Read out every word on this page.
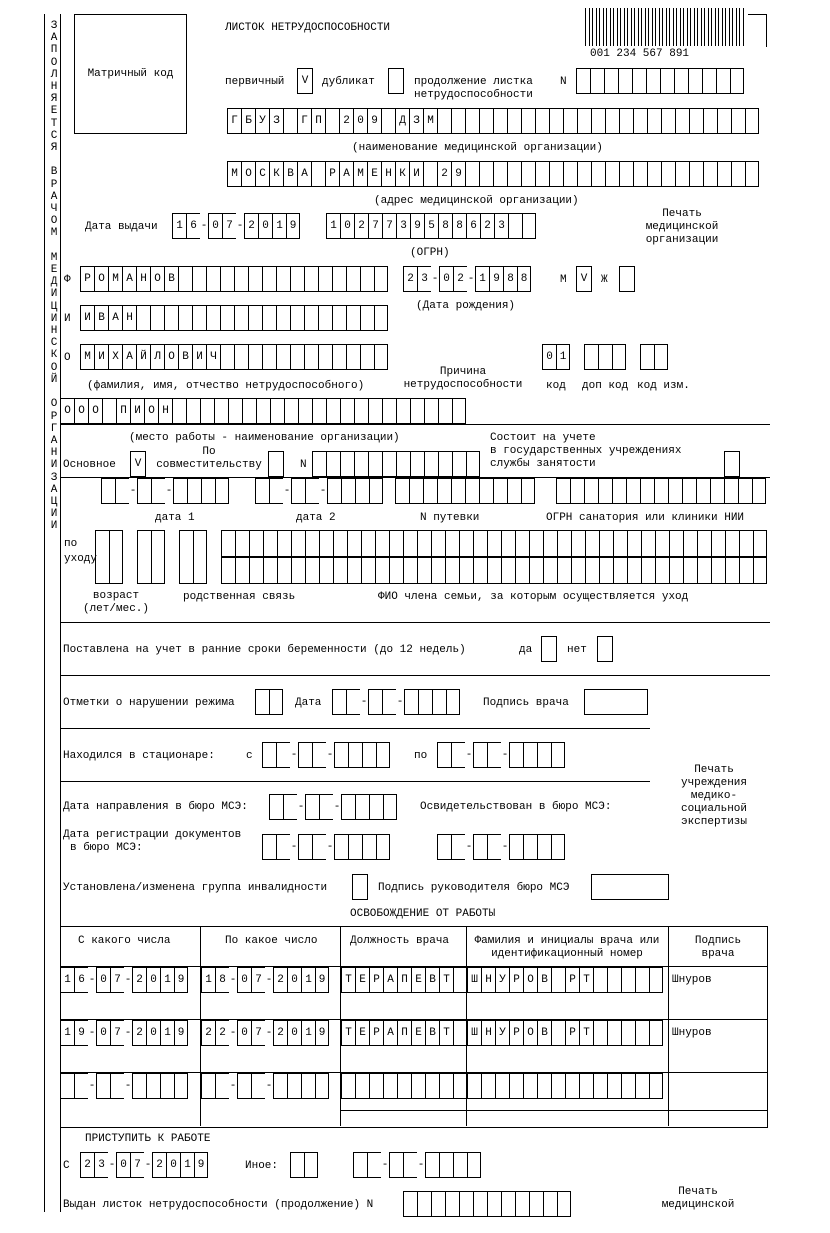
З
А
П
О
Л
Н
Я
Е
Т
С
Я

В
Р
А
Ч
О
М

М
Е
Д
И
Ц
И
Н
С
К
О
Й

О
Р
Г
А
Н
И
З
А
Ц
И
И
Матричный код
ЛИСТОК НЕТРУДОСПОСОБНОСТИ
001 234 567 891
первичный V дубликат	продолжение листка
нетрудоспособности
N
Г Б У З	Г П	2 0 9	Д З М
(наименование медицинской организации)
М О С К В А	Р А М Е Н К И	2 9
(адрес медицинской организации)
Дата выдачи	1 6 - 0 7 - 2 0 1 9	1 0 2 7 7 3 9 5 8 8 6 2 3
(ОГРН)
Печать
медицинской
организации
Ф	Р О М А Н О В	2 3 - 0 2 - 1 9 8 8
(Дата рождения)
М V Ж
И	И В А Н
О	М И Х А Й Л О В И Ч	0 1
(фамилия, имя, отчество нетрудоспособного)
Причина
нетрудоспособности	код доп код код изм.
О О О	П И О Н
(место работы - наименование организации)
Основное V
По
совместительству	N
Состоит на учете
в государственных учреждениях
службы занятости
-	-	-	-
дата 1	дата 2	N путевки	ОГРН санатория или клиники НИИ
по
уходу
возраст
(лет/мес.)
родственная связь	ФИО члена семьи, за которым осуществляется уход
Поставлена на учет в ранние сроки беременности (до 12 недель)	да	нет
Отметки о нарушении режима	Дата	-	-	Подпись врача
Находился в стационаре:	с	-	-	по	-	-
Печать
учреждения
медико-
социальной
экспертизы
Дата направления в бюро МСЭ:	-	-	Освидетельствован в бюро МСЭ:
Дата регистрации документов
в бюро МСЭ:	-	-	-	-
Установлена/изменена группа инвалидности	Подпись руководителя бюро МСЭ
ОСВОБОЖДЕНИЕ ОТ РАБОТЫ
С какого числа	По какое число	Должность врача	Фамилия и инициалы врача или
идентификационный номер
Подпись
врача
1 6 - 0 7 - 2 0 1 9	1 8 - 0 7 - 2 0 1 9	Т Е Р А П Е В Т	Ш Н У Р О В	Р Т	Шнуров
1 9 - 0 7 - 2 0 1 9	2 2 - 0 7 - 2 0 1 9	Т Е Р А П Е В Т	Ш Н У Р О В	Р Т	Шнуров
-	-	-	-
ПРИСТУПИТЬ К РАБОТЕ
С	2 3 - 0 7 - 2 0 1 9	Иное:	-	-
Выдан листок нетрудоспособности (продолжение) N
Печать
медицинской
